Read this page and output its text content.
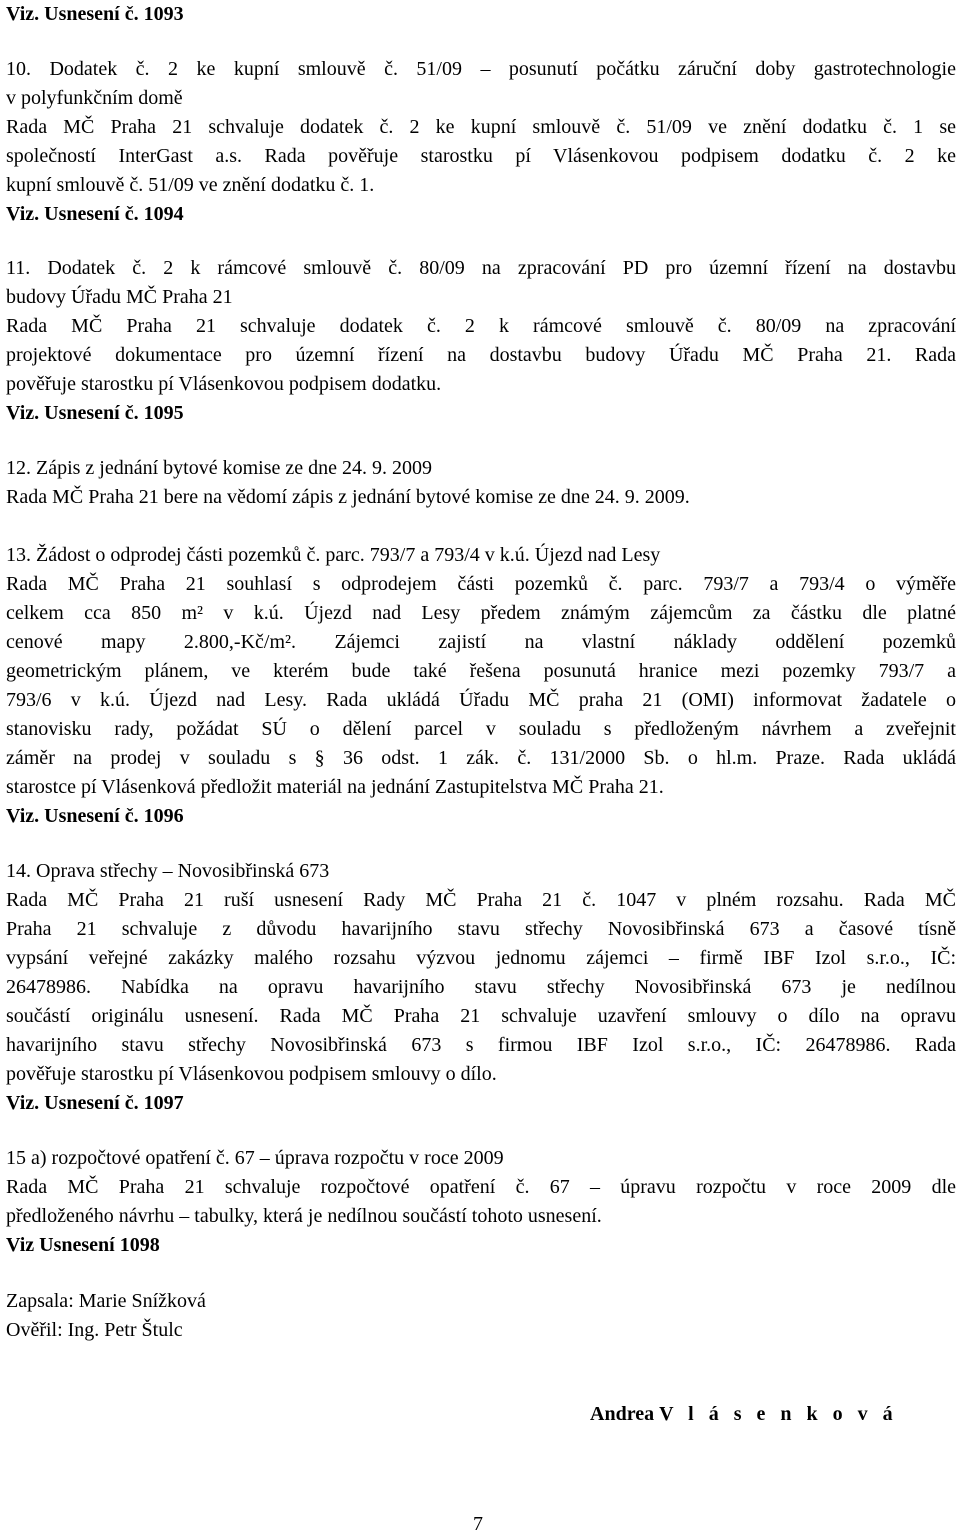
Viz. Usnesení č. 1093
10. Dodatek č. 2 ke kupní smlouvě č. 51/09 – posunutí počátku záruční doby gastrotechnologie
v polyfunkčním domě
Rada MČ Praha 21 schvaluje dodatek č. 2 ke kupní smlouvě č. 51/09 ve znění dodatku č. 1 se
společností InterGast a.s. Rada pověřuje starostku pí Vlásenkovou podpisem dodatku č. 2 ke
kupní smlouvě č. 51/09 ve znění dodatku č. 1.
Viz. Usnesení č. 1094
11. Dodatek č. 2 k rámcové smlouvě č. 80/09 na zpracování PD pro územní řízení na dostavbu
budovy Úřadu MČ Praha 21
Rada MČ Praha 21 schvaluje dodatek č. 2 k rámcové smlouvě č. 80/09 na zpracování
projektové dokumentace pro územní řízení na dostavbu budovy Úřadu MČ Praha 21. Rada
pověřuje starostku pí Vlásenkovou podpisem dodatku.
Viz. Usnesení č. 1095
12. Zápis z jednání bytové komise ze dne 24. 9. 2009
Rada MČ Praha 21 bere na vědomí zápis z jednání bytové komise ze dne 24. 9. 2009.
13. Žádost o odprodej části pozemků č. parc. 793/7 a 793/4 v k.ú. Újezd nad Lesy
Rada MČ Praha 21 souhlasí s odprodejem části pozemků č. parc. 793/7 a 793/4 o výměře
celkem cca 850 m² v k.ú. Újezd nad Lesy předem známým zájemcům za částku dle platné
cenové mapy 2.800,-Kč/m². Zájemci zajistí na vlastní náklady oddělení pozemků
geometrickým plánem, ve kterém bude také řešena posunutá hranice mezi pozemky 793/7 a
793/6 v k.ú. Újezd nad Lesy. Rada ukládá Úřadu MČ praha 21 (OMI) informovat žadatele o
stanovisku rady, požádat SÚ o dělení parcel v souladu s předloženým návrhem a zveřejnit
záměr na prodej v souladu s § 36 odst. 1 zák. č. 131/2000 Sb. o hl.m. Praze. Rada ukládá
starostce pí Vlásenková předložit materiál na jednání Zastupitelstva MČ Praha 21.
Viz. Usnesení č. 1096
14. Oprava střechy – Novosibřinská 673
Rada MČ Praha 21 ruší usnesení Rady MČ Praha 21 č. 1047 v plném rozsahu. Rada MČ
Praha 21 schvaluje z důvodu havarijního stavu střechy Novosibřinská 673 a časové tísně
vypsání veřejné zakázky malého rozsahu výzvou jednomu zájemci – firmě IBF Izol s.r.o., IČ:
26478986. Nabídka na opravu havarijního stavu střechy Novosibřinská 673 je nedílnou
součástí originálu usnesení. Rada MČ Praha 21 schvaluje uzavření smlouvy o dílo na opravu
havarijního stavu střechy Novosibřinská 673 s firmou IBF Izol s.r.o., IČ: 26478986. Rada
pověřuje starostku pí Vlásenkovou podpisem smlouvy o dílo.
Viz. Usnesení č. 1097
15 a) rozpočtové opatření č. 67 – úprava rozpočtu v roce 2009
Rada MČ Praha 21 schvaluje rozpočtové opatření č. 67 – úpravu rozpočtu v roce 2009 dle
předloženého návrhu – tabulky, která je nedílnou součástí tohoto usnesení.
Viz Usnesení 1098
Zapsala: Marie Snížková
Ověřil: Ing. Petr Štulc
Andrea V l á s e n k o v á
7
